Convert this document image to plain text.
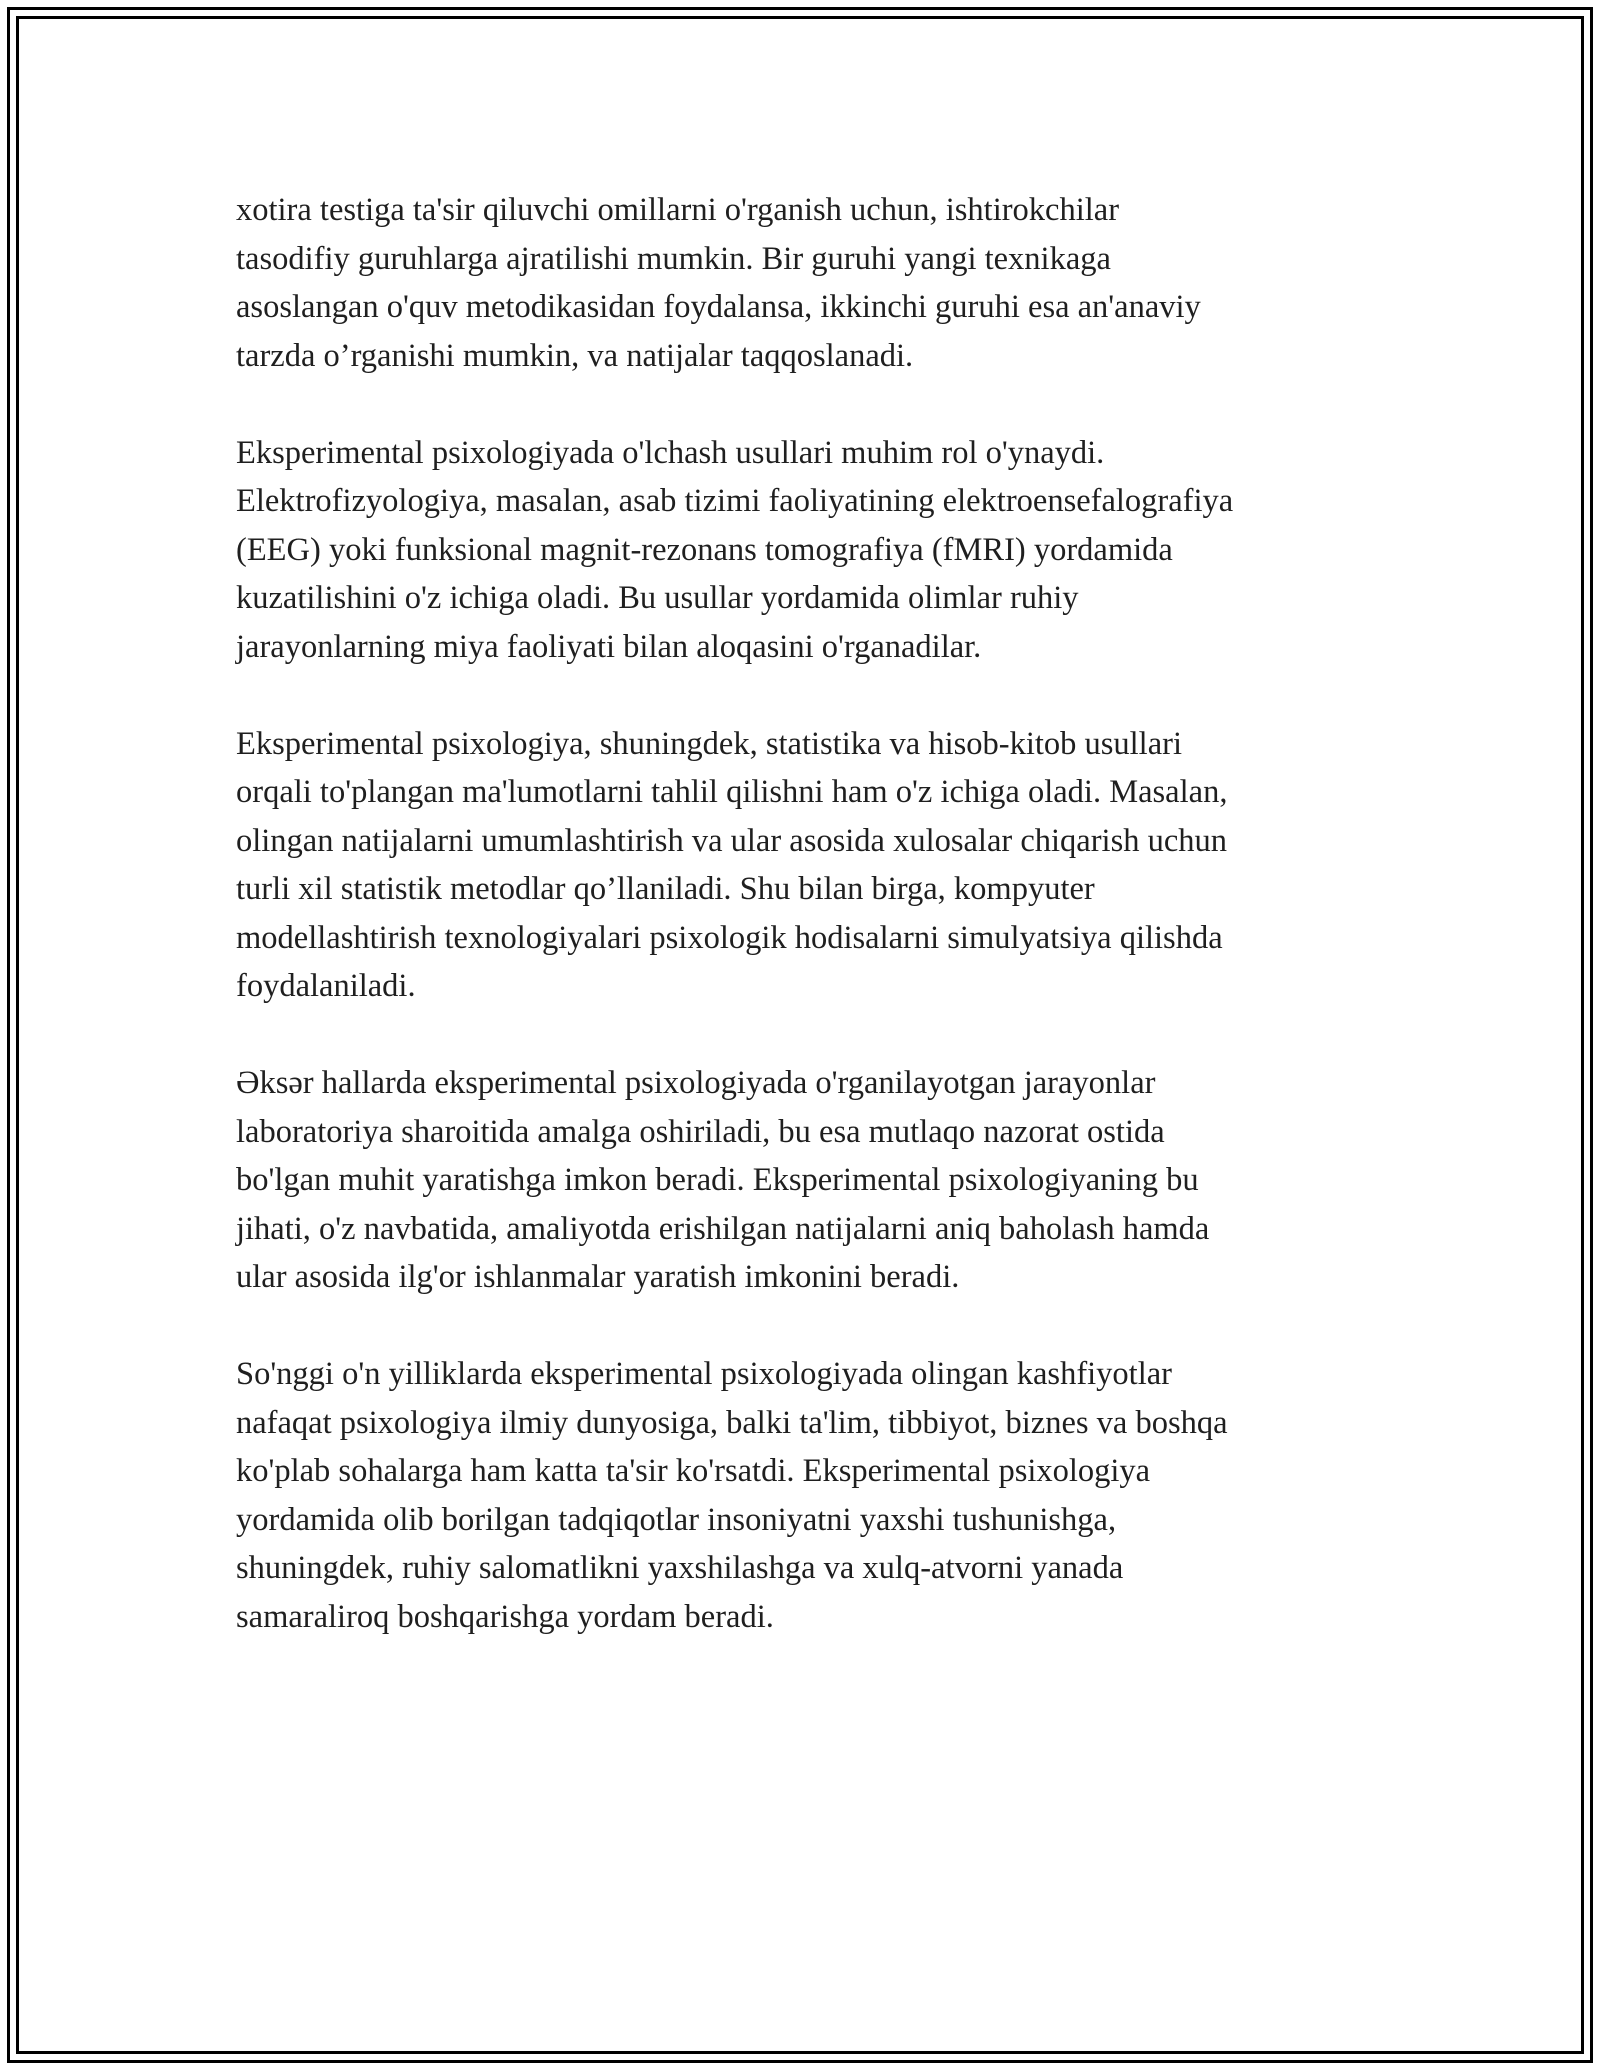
xotira testiga ta'sir qiluvchi omillarni o'rganish uchun, ishtirokchilar
tasodifiy guruhlarga ajratilishi mumkin. Bir guruhi yangi texnikaga
asoslangan o'quv metodikasidan foydalansa, ikkinchi guruhi esa an'anaviy
tarzda o’rganishi mumkin, va natijalar taqqoslanadi.

Eksperimental psixologiyada o'lchash usullari muhim rol o'ynaydi.
Elektrofizyologiya, masalan, asab tizimi faoliyatining elektroensefalografiya
(EEG) yoki funksional magnit-rezonans tomografiya (fMRI) yordamida
kuzatilishini o'z ichiga oladi. Bu usullar yordamida olimlar ruhiy
jarayonlarning miya faoliyati bilan aloqasini o'rganadilar.

Eksperimental psixologiya, shuningdek, statistika va hisob-kitob usullari
orqali to'plangan ma'lumotlarni tahlil qilishni ham o'z ichiga oladi. Masalan,
olingan natijalarni umumlashtirish va ular asosida xulosalar chiqarish uchun
turli xil statistik metodlar qo’llaniladi. Shu bilan birga, kompyuter
modellashtirish texnologiyalari psixologik hodisalarni simulyatsiya qilishda
foydalaniladi.

Əksər hallarda eksperimental psixologiyada o'rganilayotgan jarayonlar
laboratoriya sharoitida amalga oshiriladi, bu esa mutlaqo nazorat ostida
bo'lgan muhit yaratishga imkon beradi. Eksperimental psixologiyaning bu
jihati, o'z navbatida, amaliyotda erishilgan natijalarni aniq baholash hamda
ular asosida ilg'or ishlanmalar yaratish imkonini beradi.

So'nggi o'n yilliklarda eksperimental psixologiyada olingan kashfiyotlar
nafaqat psixologiya ilmiy dunyosiga, balki ta'lim, tibbiyot, biznes va boshqa
ko'plab sohalarga ham katta ta'sir ko'rsatdi. Eksperimental psixologiya
yordamida olib borilgan tadqiqotlar insoniyatni yaxshi tushunishga,
shuningdek, ruhiy salomatlikni yaxshilashga va xulq-atvorni yanada
samaraliroq boshqarishga yordam beradi.
